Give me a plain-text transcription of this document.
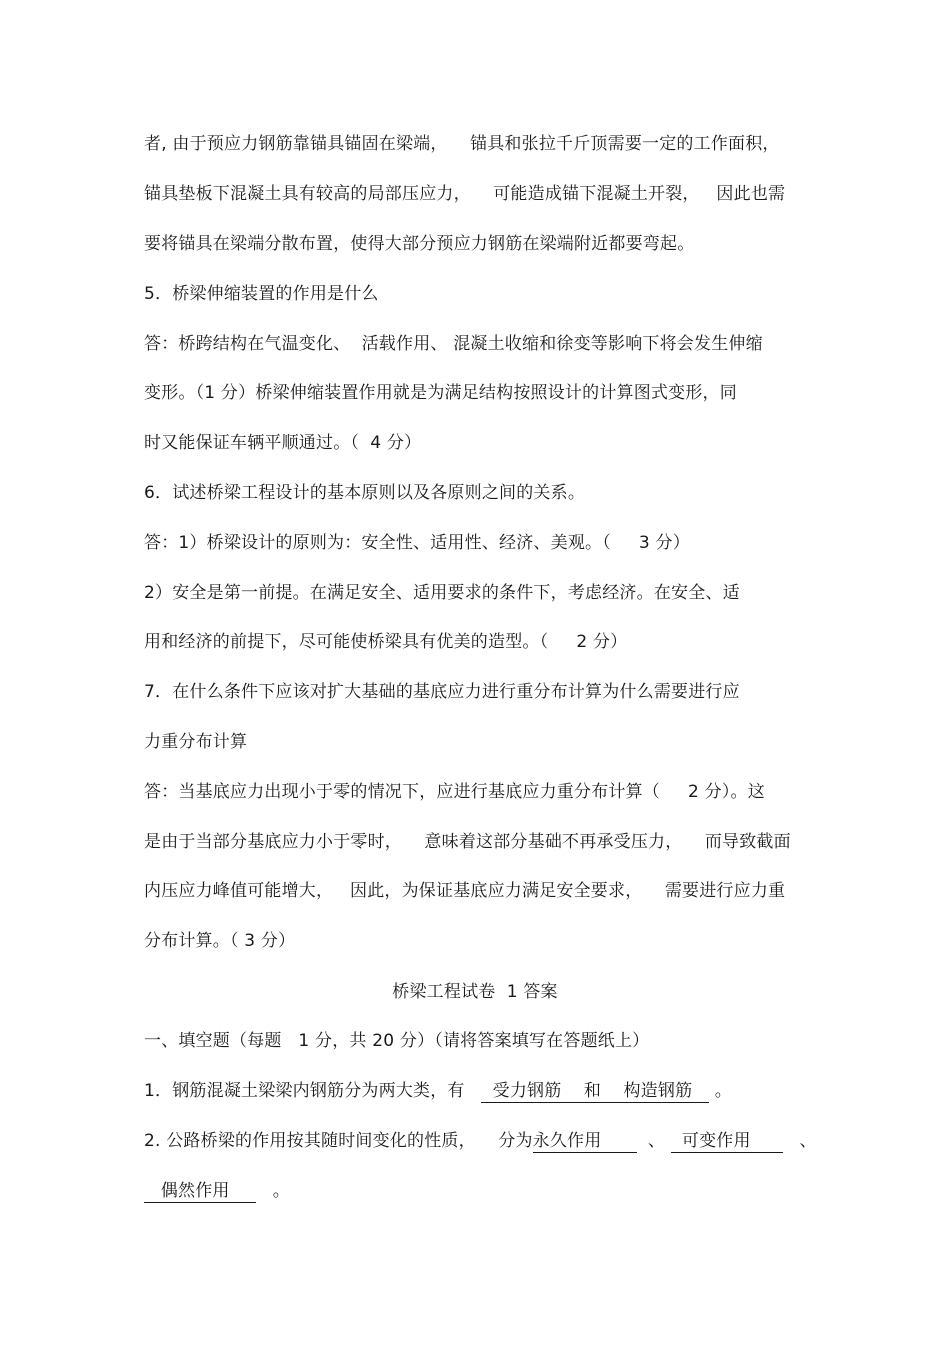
者, 由于预应力钢筋靠锚具锚固在梁端，    锚具和张拉千斤顶需要一定的工作面积，
锚具垫板下混凝土具有较高的局部压应力，    可能造成锚下混凝土开裂，   因此也需
要将锚具在梁端分散布置，使得大部分预应力钢筋在梁端附近都要弯起。
5．桥梁伸缩装置的作用是什么
答：桥跨结构在气温变化、  活载作用、 混凝土收缩和徐变等影响下将会发生伸缩
变形。（1 分）桥梁伸缩装置作用就是为满足结构按照设计的计算图式变形，同
时又能保证车辆平顺通过。（  4 分）
6．试述桥梁工程设计的基本原则以及各原则之间的关系。
答：1）桥梁设计的原则为：安全性、适用性、经济、美观。（     3 分）
2）安全是第一前提。在满足安全、适用要求的条件下，考虑经济。在安全、适
用和经济的前提下，尽可能使桥梁具有优美的造型。（     2 分）
7．在什么条件下应该对扩大基础的基底应力进行重分布计算为什么需要进行应
力重分布计算
答：当基底应力出现小于零的情况下，应进行基底应力重分布计算（     2 分）。这
是由于当部分基底应力小于零时，    意味着这部分基础不再承受压力，    而导致截面
内压应力峰值可能增大，   因此，为保证基底应力满足安全要求，    需要进行应力重
分布计算。（ 3 分）
桥梁工程试卷  1 答案
一、填空题（每题   1 分，共 20 分）（请将答案填写在答题纸上）
1．钢筋混凝土梁梁内钢筋分为两大类，有     受力钢筋    和    构造钢筋    。
2. 公路桥梁的作用按其随时间变化的性质，    分为永久作用  、   可变作用   、
偶然作用   。
